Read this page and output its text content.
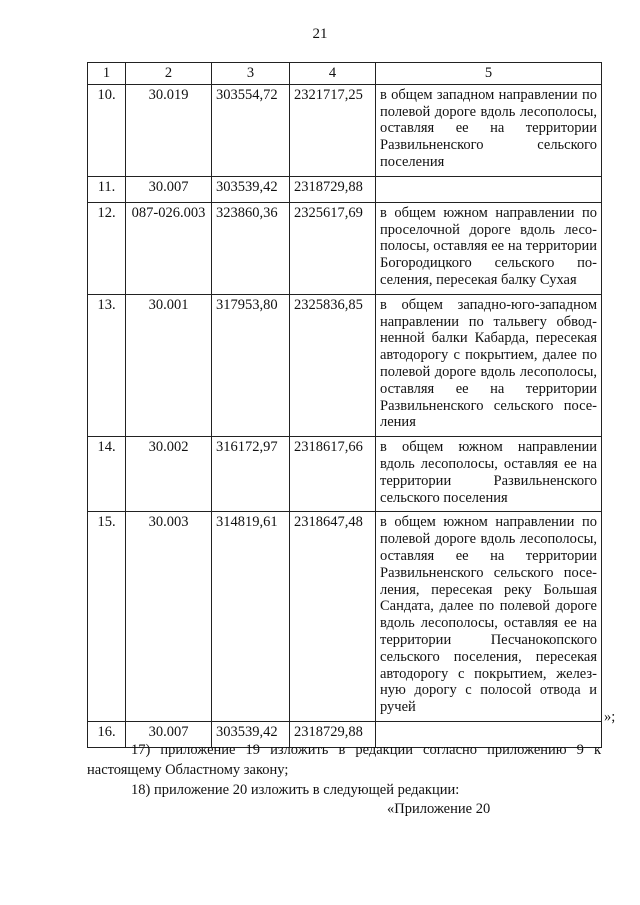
21
1	2	3	4	5
10.	30.019	303554,72	2321717,25	в общем западном направлении по полевой дороге вдоль лесополосы, оставляя ее на территории Развильненского сельского поселения
11.	30.007	303539,42	2318729,88	
12.	087-026.003	323860,36	2325617,69	в общем южном направлении по проселочной дороге вдоль лесополосы, оставляя ее на территории Богородицкого сельского поселения, пересекая балку Сухая
13.	30.001	317953,80	2325836,85	в общем западно-юго-западном направлении по тальвегу обводненной балки Кабарда, пересекая автодорогу с покрытием, далее по полевой дороге вдоль лесополосы, оставляя ее на территории Развильненского сельского поселения
14.	30.002	316172,97	2318617,66	в общем южном направлении вдоль лесополосы, оставляя ее на территории Развильненского сельского поселения
15.	30.003	314819,61	2318647,48	в общем южном направлении по полевой дороге вдоль лесополосы, оставляя ее на территории Развильненского сельского поселения, пересекая реку Большая Сандата, далее по полевой дороге вдоль лесополосы, оставляя ее на территории Песчанокопского сельского поселения, пересекая автодорогу с покрытием, железную дорогу с полосой отвода и ручей
16.	30.007	303539,42	2318729,88	
»;

17) приложение 19 изложить в редакции согласно приложению 9 к настоящему Областному закону;

18) приложение 20 изложить в следующей редакции:

«Приложение 20
